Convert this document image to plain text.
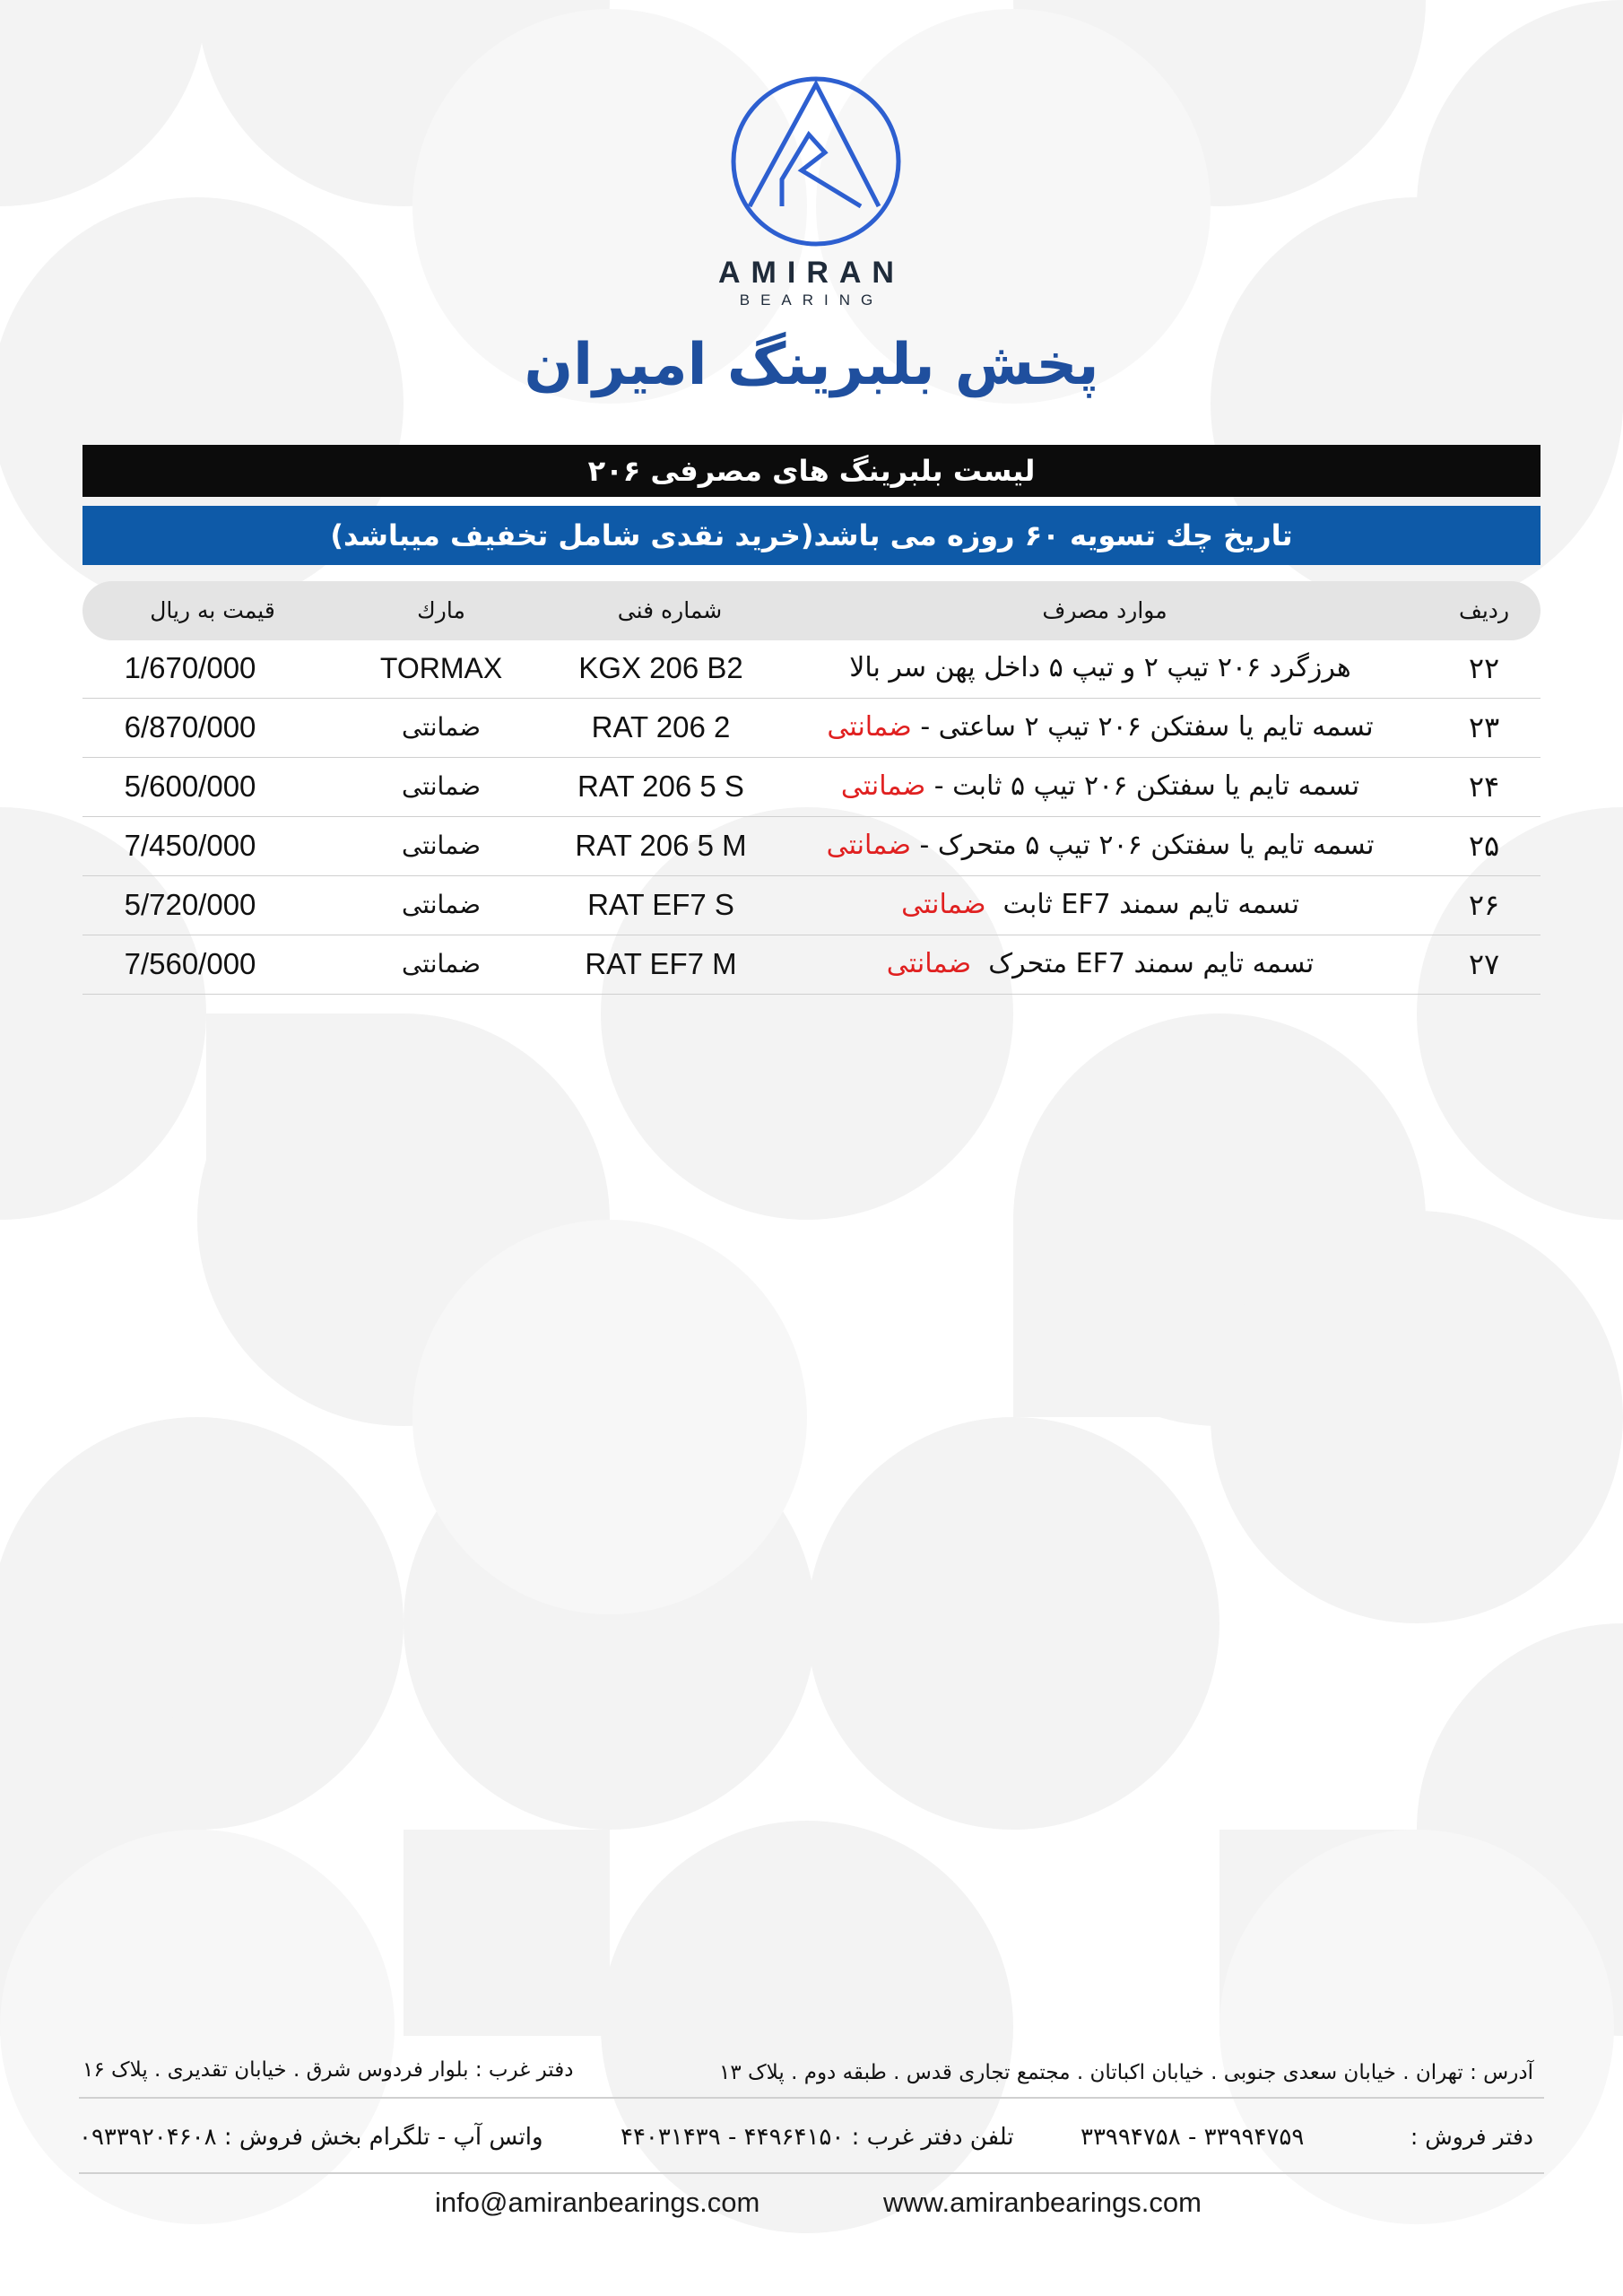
AMIRAN
BEARING
پخش بلبرینگ امیران
لیست بلبرینگ های مصرفی ۲۰۶
تاریخ چك تسویه ۶۰ روزه می باشد(خرید نقدی شامل تخفیف میباشد)
ردیف
موارد مصرف
شماره فنی
مارك
قیمت به ریال
۲۲
هرزگرد ۲۰۶ تیپ ۲ و تیپ ۵ داخل پهن سر بالا
KGX 206 B2
TORMAX
1/670/000
۲۳
تسمه تایم یا سفتکن ۲۰۶ تیپ ۲ ساعتی - ضمانتی
RAT 206 2
ضمانتی
6/870/000
۲۴
تسمه تایم یا سفتکن ۲۰۶ تیپ ۵ ثابت - ضمانتی
RAT 206 5 S
ضمانتی
5/600/000
۲۵
تسمه تایم یا سفتکن ۲۰۶ تیپ ۵ متحرک - ضمانتی
RAT 206 5 M
ضمانتی
7/450/000
۲۶
تسمه تایم سمند EF7 ثابت  ضمانتی
RAT EF7 S
ضمانتی
5/720/000
۲۷
تسمه تایم سمند EF7 متحرک  ضمانتی
RAT EF7 M
ضمانتی
7/560/000
آدرس : تهران . خیابان سعدی جنوبی . خیابان اکباتان . مجتمع تجاری قدس . طبقه دوم . پلاک ۱۳
دفتر غرب : بلوار فردوس شرق . خیابان تقدیری . پلاک ۱۶
دفتر فروش :
۳۳۹۹۴۷۵۹ - ۳۳۹۹۴۷۵۸
تلفن دفتر غرب : ۴۴۹۶۴۱۵۰ - ۴۴۰۳۱۴۳۹
واتس آپ - تلگرام بخش فروش : ۰۹۳۳۹۲۰۴۶۰۸
info@amiranbearings.com	www.amiranbearings.com
